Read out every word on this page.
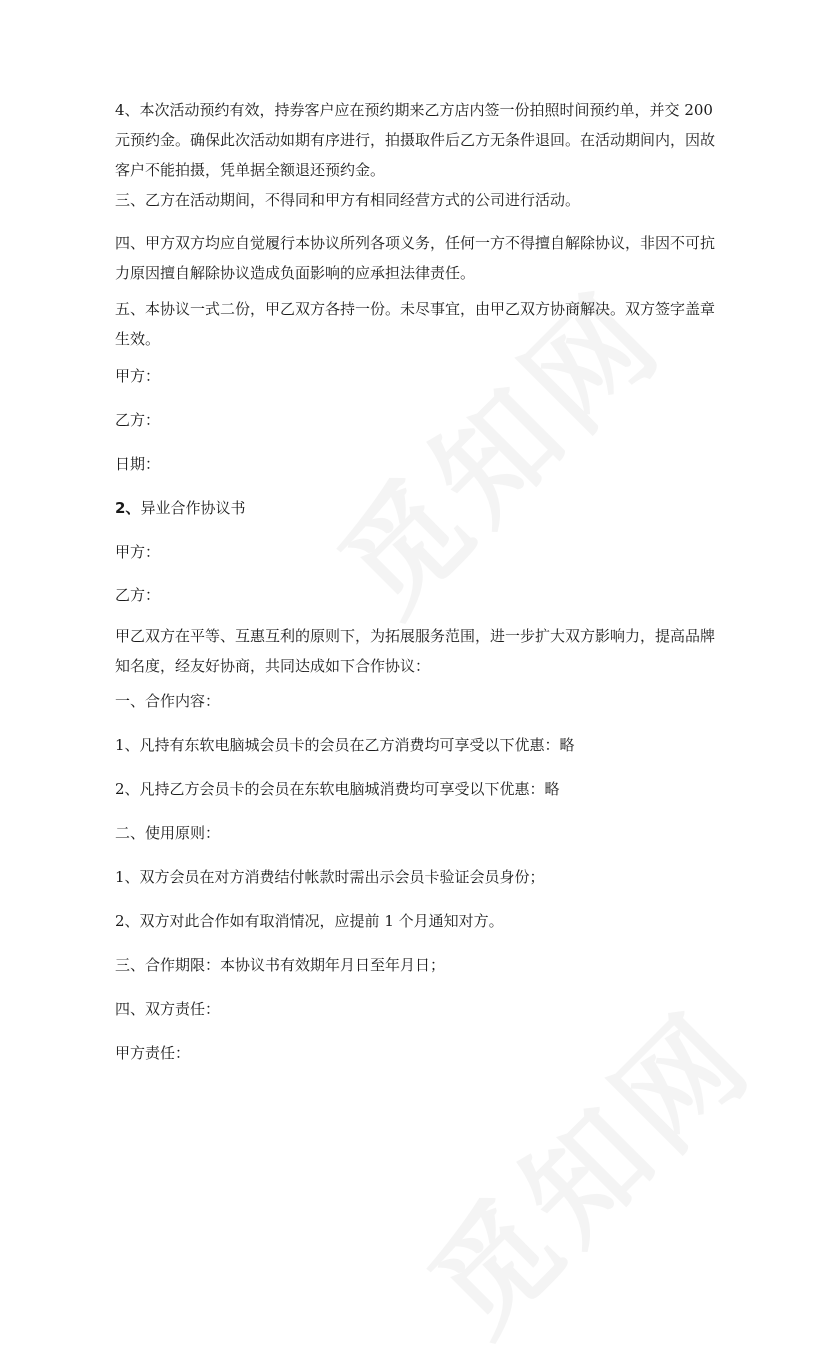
4、本次活动预约有效，持券客户应在预约期来乙方店内签一份拍照时间预约单，并交 200 元预约金。确保此次活动如期有序进行，拍摄取件后乙方无条件退回。在活动期间内，因故客户不能拍摄，凭单据全额退还预约金。

三、乙方在活动期间，不得同和甲方有相同经营方式的公司进行活动。

四、甲方双方均应自觉履行本协议所列各项义务，任何一方不得擅自解除协议，非因不可抗力原因擅自解除协议造成负面影响的应承担法律责任。

五、本协议一式二份，甲乙双方各持一份。未尽事宜，由甲乙双方协商解决。双方签字盖章生效。

甲方：

乙方：

日期：

2、异业合作协议书

甲方：

乙方：

甲乙双方在平等、互惠互利的原则下，为拓展服务范围，进一步扩大双方影响力，提高品牌知名度，经友好协商，共同达成如下合作协议：

一、合作内容：

1、凡持有东软电脑城会员卡的会员在乙方消费均可享受以下优惠：略

2、凡持乙方会员卡的会员在东软电脑城消费均可享受以下优惠：略

二、使用原则：

1、双方会员在对方消费结付帐款时需出示会员卡验证会员身份；

2、双方对此合作如有取消情况，应提前 1 个月通知对方。

三、合作期限：本协议书有效期年月日至年月日；

四、双方责任：

甲方责任：
